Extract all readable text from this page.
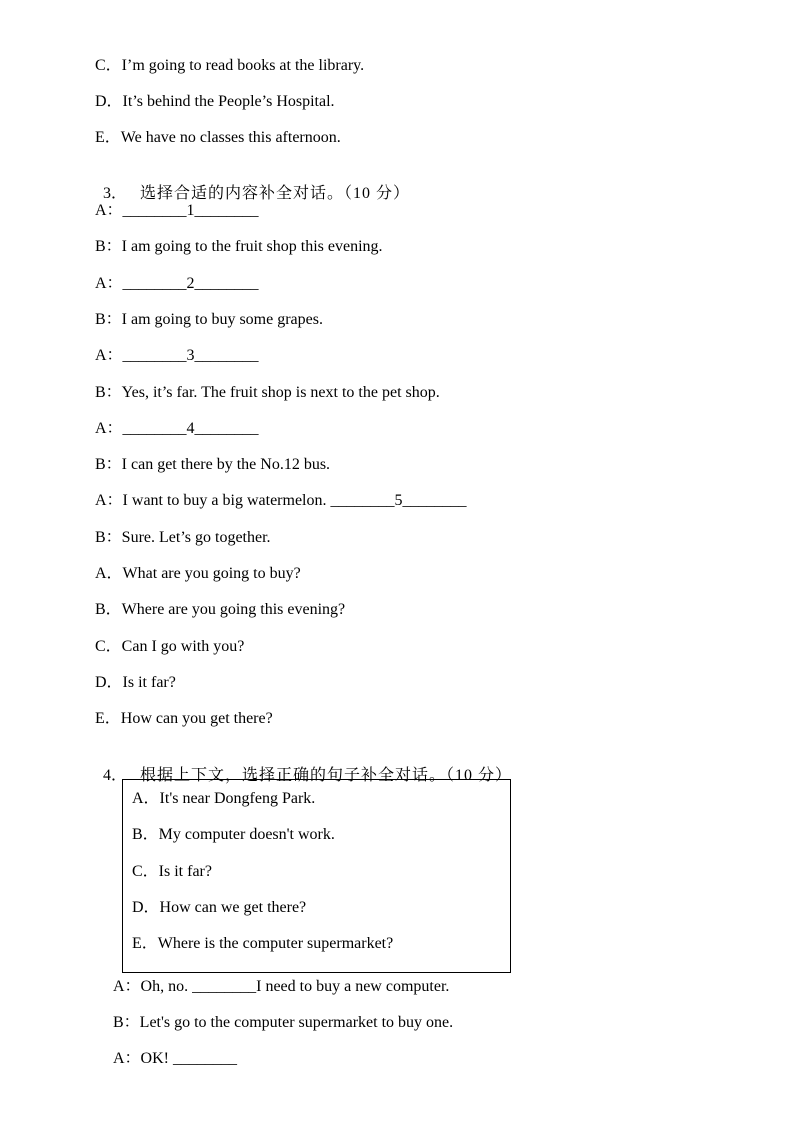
C．I’m going to read books at the library.
D．It’s behind the People’s Hospital.
E．We have no classes this afternoon.

3． 选择合适的内容补全对话。（10 分）

A：________1________
B：I am going to the fruit shop this evening.
A：________2________
B：I am going to buy some grapes.
A：________3________
B：Yes, it’s far. The fruit shop is next to the pet shop.
A：________4________
B：I can get there by the No.12 bus.
A：I want to buy a big watermelon. ________5________
B：Sure. Let’s go together.
A．What are you going to buy?
B．Where are you going this evening?
C．Can I go with you?
D．Is it far?
E．How can you get there?

4． 根据上下文，选择正确的句子补全对话。（10 分）

A．It's near Dongfeng Park.
B．My computer doesn't work.
C．Is it far?
D．How can we get there?
E．Where is the computer supermarket?
A：Oh, no. ________I need to buy a new computer.
B：Let's go to the computer supermarket to buy one.
A：OK! ________
